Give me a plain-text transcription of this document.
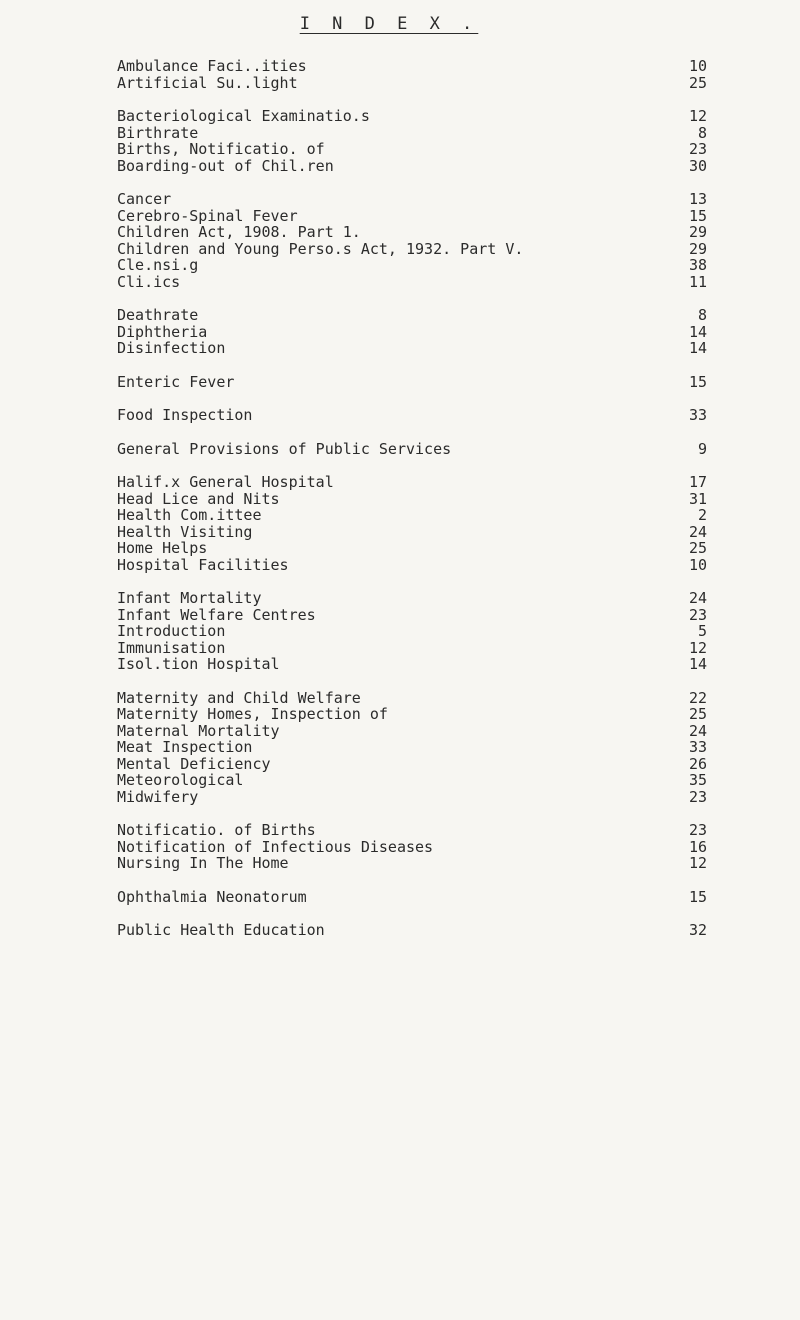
I N D E X .
Ambulance Faci..ities	10
Artificial Su..light	25
Bacteriological Examinatio.s	12
Birthrate	8
Births, Notificatio. of	23
Boarding-out of Chil.ren	30
Cancer	13
Cerebro-Spinal Fever	15
Children Act, 1908. Part 1.	29
Children and Young Perso.s Act, 1932. Part V.	29
Cle.nsi.g	38
Cli.ics	11
Deathrate	8
Diphtheria	14
Disinfection	14
Enteric Fever	15
Food Inspection	33
General Provisions of Public Services	9
Halif.x General Hospital	17
Head Lice and Nits	31
Health Com.ittee	2
Health Visiting	24
Home Helps	25
Hospital Facilities	10
Infant Mortality	24
Infant Welfare Centres	23
Introduction	5
Immunisation	12
Isol.tion Hospital	14
Maternity and Child Welfare	22
Maternity Homes, Inspection of	25
Maternal Mortality	24
Meat Inspection	33
Mental Deficiency	26
Meteorological	35
Midwifery	23
Notificatio. of Births	23
Notification of Infectious Diseases	16
Nursing In The Home	12
Ophthalmia Neonatorum	15
Public Health Education	32
